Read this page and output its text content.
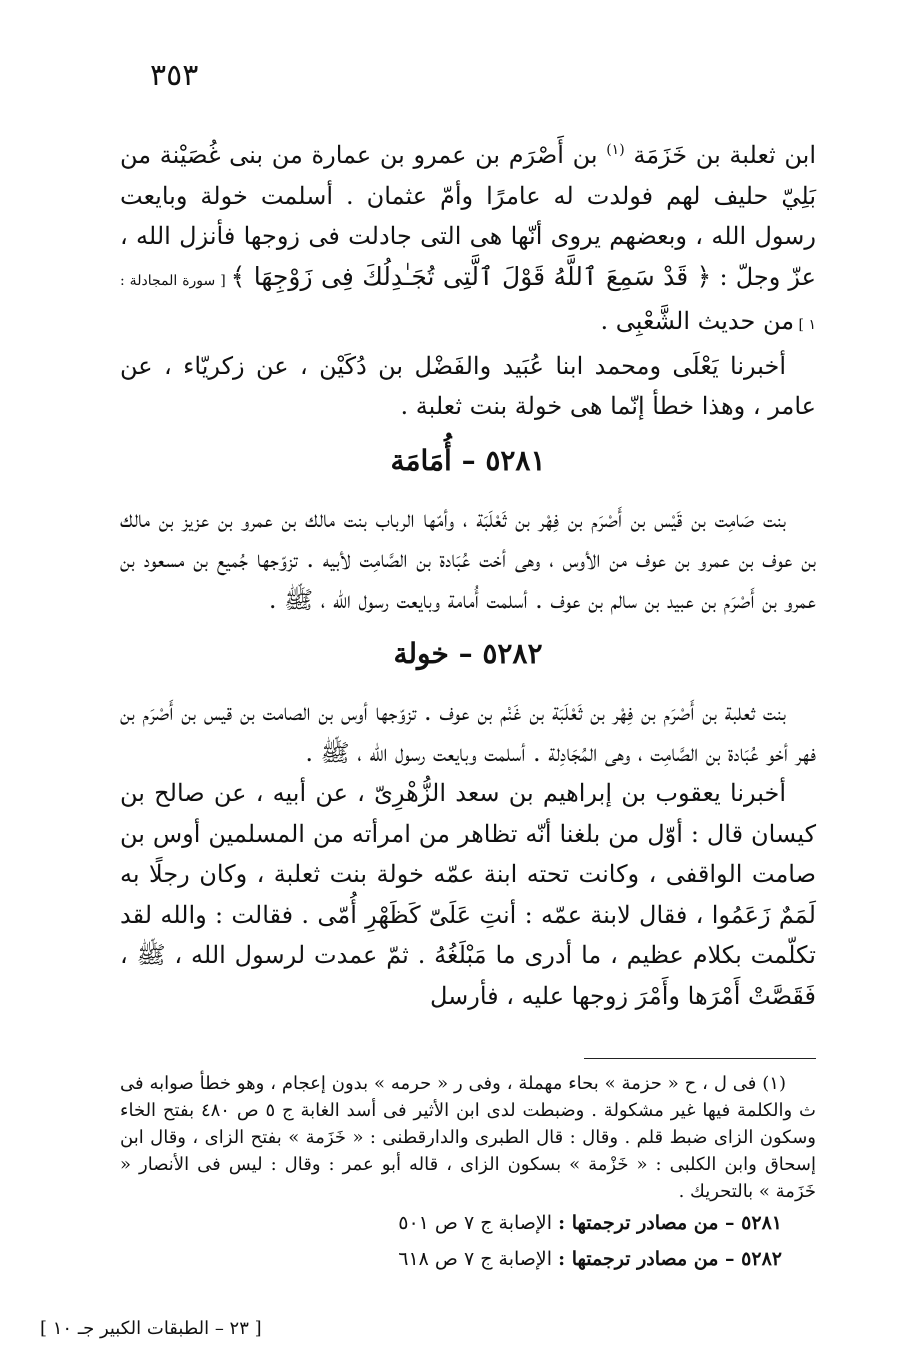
٣٥٣

ابن ثعلبة بن خَزَمَة $^{(١)}$ بن أَصْرَم بن عمرو بن عمارة من بنى غُصَيْنة من بَلِيّ حليف لهم فولدت له عامرًا وأمّ عثمان . أسلمت خولة وبايعت رسول الله ، وبعضهم يروى أنّها هى التى جادلت فى زوجها فأنزل الله ، عزّ وجلّ : ﴿ قَدْ سَمِعَ ٱللَّهُ قَوْلَ ٱلَّتِى تُجَـٰدِلُكَ فِى زَوْجِهَا ﴾ [ سورة المجادلة : ١ ] من حديث الشَّعْبِى .

أخبرنا يَعْلَى ومحمد ابنا عُبَيد والفَضْل بن دُكَيْن ، عن زكريّاء ، عن عامر ، وهذا خطأ إنّما هى خولة بنت ثعلبة .

٥٢٨١ – أُمَامَة

بنت صَامِت بن قَيْس بن أَصْرَم بن فِهْر بن ثَعْلَبَة ، وأمّها الرباب بنت مالك بن عمرو بن عزيز بن مالك بن عوف بن عمرو بن عوف من الأوس ، وهى أخت عُبَادة بن الصَّامِت لأبيه . تزوّجها جُميع بن مسعود بن عمرو بن أَصْرَم بن عبيد بن سالم بن عوف . أسلمت أُمامة وبايعت رسول الله ، ﷺ .

٥٢٨٢ – خولة

بنت ثعلبة بن أَصْرَم بن فِهْر بن ثَعْلَبَة بن غَنْم بن عوف . تزوّجها أوس بن الصامت بن قيس بن أَصْرَم بن فهر أخو عُبَادة بن الصَّامِت ، وهى المُجَادِلة . أسلمت وبايعت رسول الله ، ﷺ .

أخبرنا يعقوب بن إبراهيم بن سعد الزُّهْرِىّ ، عن أبيه ، عن صالح بن كيسان قال : أوّل من بلغنا أنّه تظاهر من امرأته من المسلمين أوس بن صامت الواقفى ، وكانت تحته ابنة عمّه خولة بنت ثعلبة ، وكان رجلًا به لَمَمٌ زَعَمُوا ، فقال لابنة عمّه : أنتِ عَلَىّ كَظَهْرِ أُمّى . فقالت : والله لقد تكلّمت بكلام عظيم ، ما أدرى ما مَبْلَغُهُ . ثمّ عمدت لرسول الله ، ﷺ ، فَقَصَّتْ أَمْرَها وأَمْرَ زوجها عليه ، فأرسل

(١) فى ل ، ح « حزمة » بحاء مهملة ، وفى ر « حرمه » بدون إعجام ، وهو خطأ صوابه فى ث والكلمة فيها غير مشكولة . وضبطت لدى ابن الأثير فى أسد الغابة ج ٥ ص ٤٨٠ بفتح الخاء وسكون الزاى ضبط قلم . وقال : قال الطبرى والدارقطنى : « خَزَمة » بفتح الزاى ، وقال ابن إسحاق وابن الكلبى : « خَزْمة » بسكون الزاى ، قاله أبو عمر : وقال : ليس فى الأنصار « خَزَمة » بالتحريك .

٥٢٨١ – من مصادر ترجمتها : الإصابة ج ٧ ص ٥٠١

٥٢٨٢ – من مصادر ترجمتها : الإصابة ج ٧ ص ٦١٨

[ ٢٣ – الطبقات الكبير جـ ١٠ ]
